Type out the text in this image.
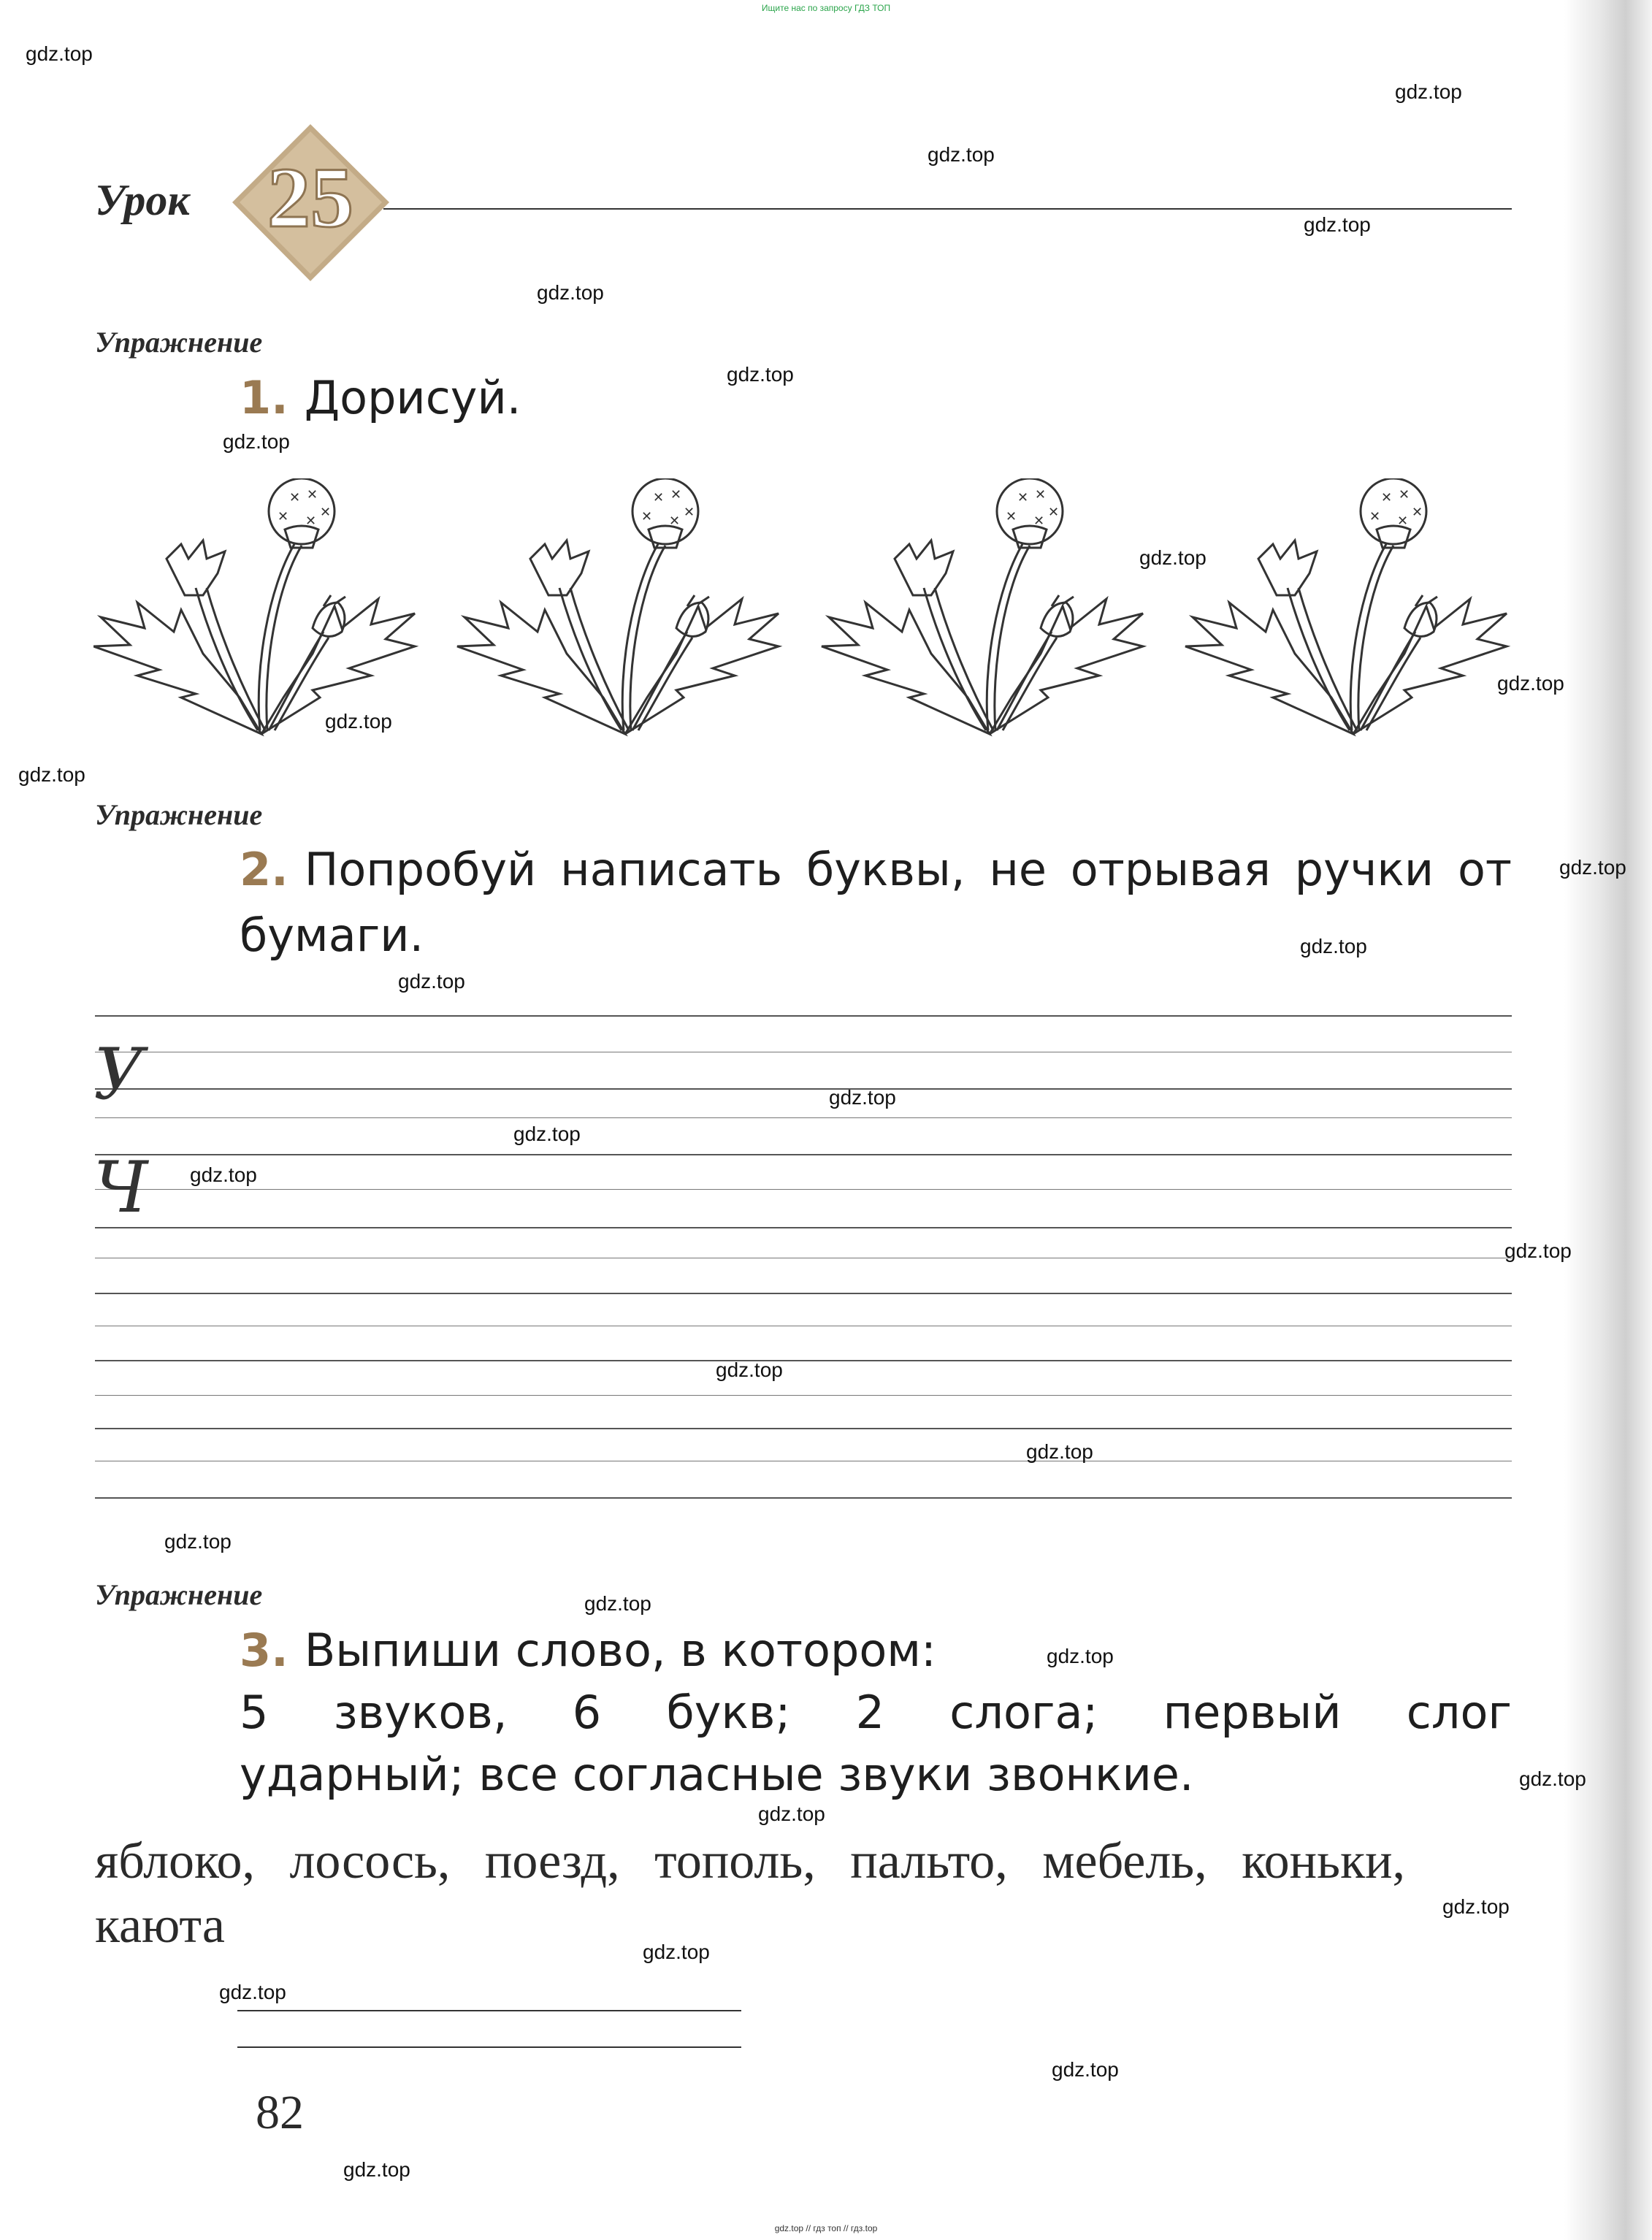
Ищите нас по запросу ГДЗ ТОП
Урок 25
Упражнение
1. Дорисуй.
Упражнение
2. Попробуй написать буквы, не отрывая ручки от бумаги.
У
Ч
Упражнение
3. Выпиши слово, в котором:
5 звуков, 6 букв; 2 слога; первый слог
ударный; все согласные звуки звонкие.
яблоко, лосось, поезд, тополь, пальто, мебель, коньки, каюта
82
gdz.top
gdz.top
gdz.top
gdz.top
gdz.top
gdz.top
gdz.top
gdz.top
gdz.top
gdz.top
gdz.top
gdz.top
gdz.top
gdz.top
gdz.top
gdz.top
gdz.top
gdz.top
gdz.top
gdz.top
gdz.top
gdz.top
gdz.top
gdz.top
gdz.top
gdz.top
gdz.top
gdz.top
gdz.top
gdz.top
gdz.top // гдз топ // гдз.top
